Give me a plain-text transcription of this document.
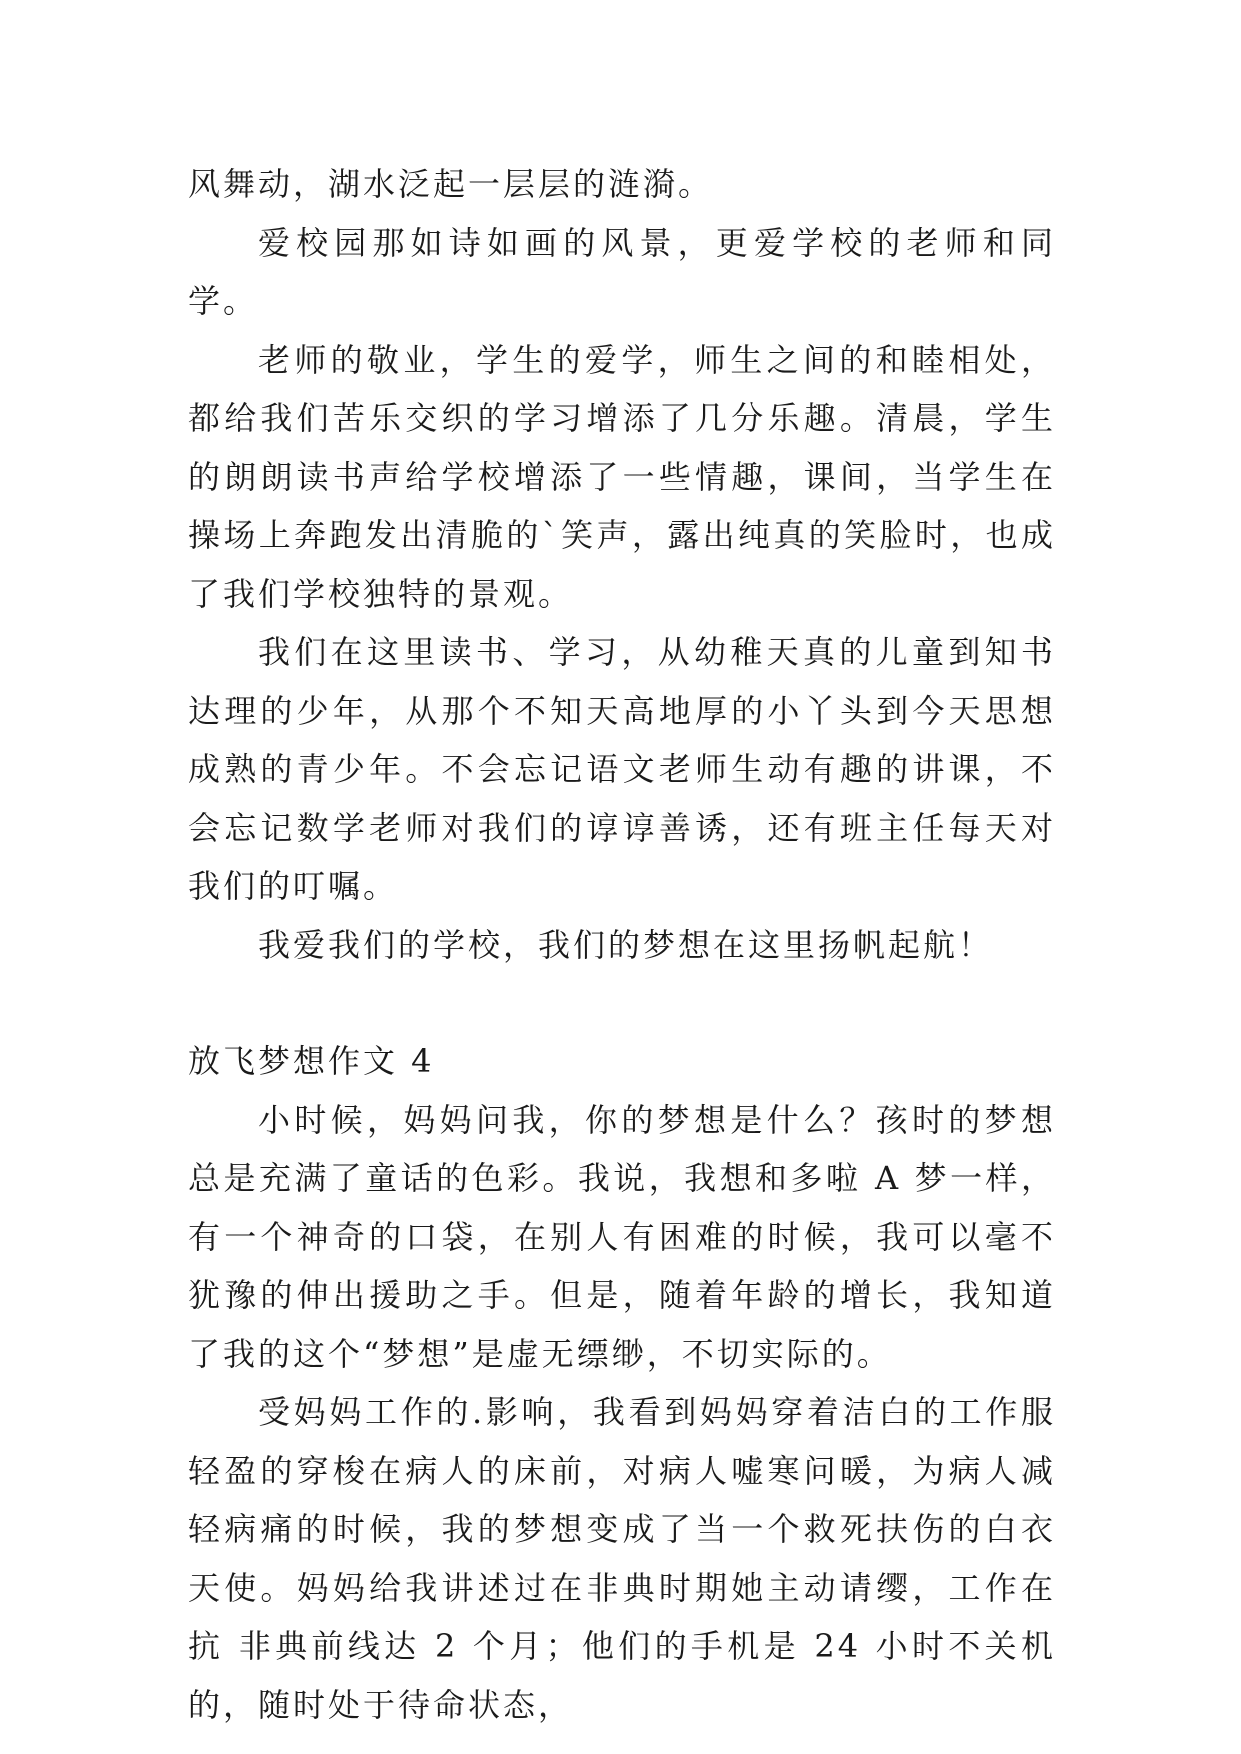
风舞动，湖水泛起一层层的涟漪。

爱校园那如诗如画的风景，更爱学校的老师和同学。

老师的敬业，学生的爱学，师生之间的和睦相处，都给我们苦乐交织的学习增添了几分乐趣。清晨，学生的朗朗读书声给学校增添了一些情趣，课间，当学生在操场上奔跑发出清脆的`笑声，露出纯真的笑脸时，也成了我们学校独特的景观。

我们在这里读书、学习，从幼稚天真的儿童到知书达理的少年，从那个不知天高地厚的小丫头到今天思想成熟的青少年。不会忘记语文老师生动有趣的讲课，不会忘记数学老师对我们的谆谆善诱，还有班主任每天对我们的叮嘱。

我爱我们的学校，我们的梦想在这里扬帆起航！

放飞梦想作文 4

小时候，妈妈问我，你的梦想是什么？孩时的梦想总是充满了童话的色彩。我说，我想和多啦 A 梦一样，有一个神奇的口袋，在别人有困难的时候，我可以毫不犹豫的伸出援助之手。但是，随着年龄的增长，我知道了我的这个“梦想”是虚无缥缈，不切实际的。

受妈妈工作的.影响，我看到妈妈穿着洁白的工作服轻盈的穿梭在病人的床前，对病人嘘寒问暖，为病人减轻病痛的时候，我的梦想变成了当一个救死扶伤的白衣天使。妈妈给我讲述过在非典时期她主动请缨，工作在 抗 非典前线达 2 个月；他们的手机是 24 小时不关机的，随时处于待命状态，
